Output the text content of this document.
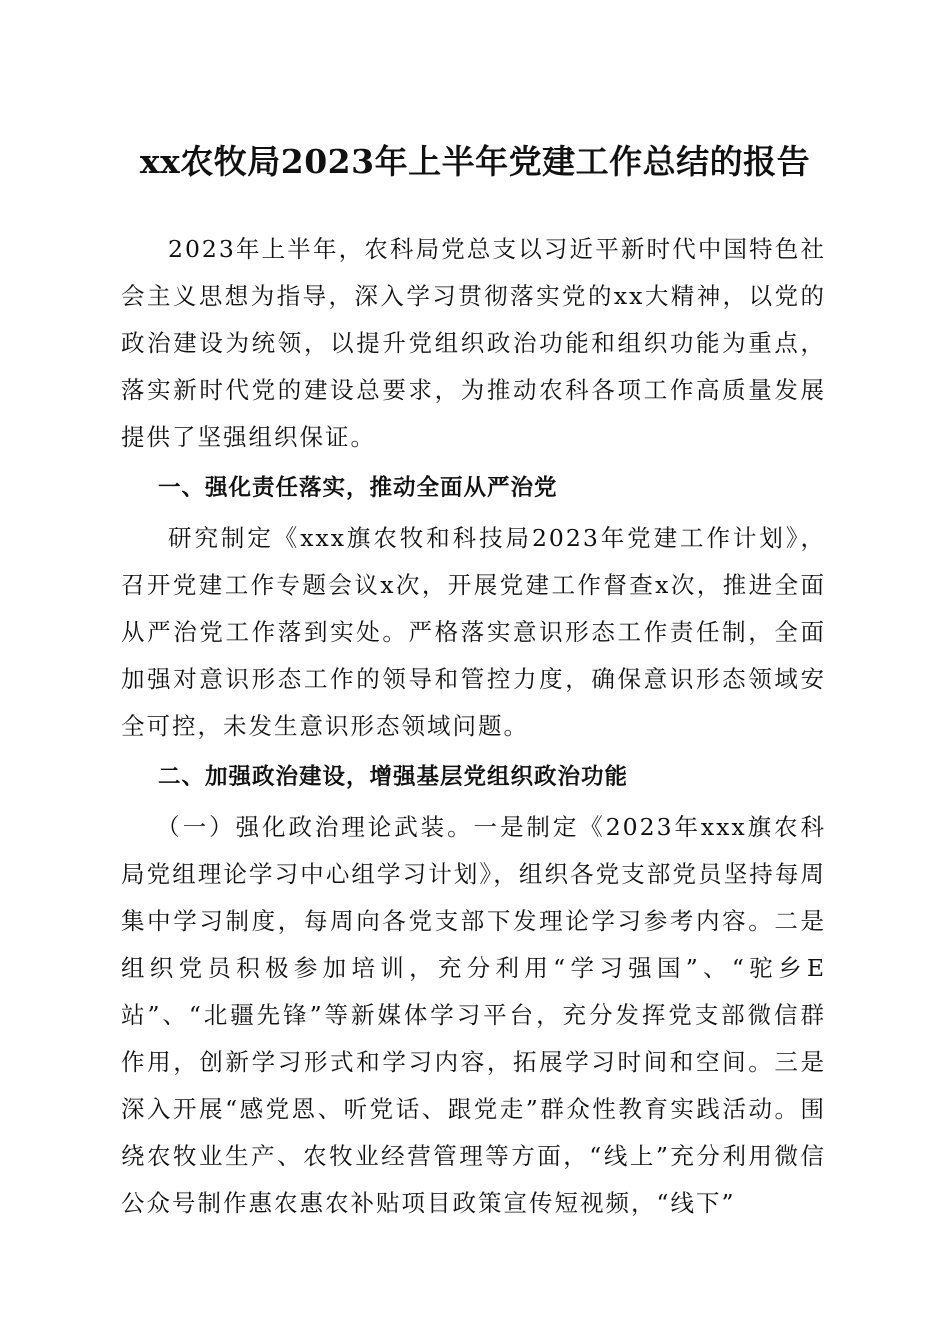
xx农牧局2023年上半年党建工作总结的报告

2023年上半年，农科局党总支以习近平新时代中国特色社会主义思想为指导，深入学习贯彻落实党的xx大精神，以党的政治建设为统领，以提升党组织政治功能和组织功能为重点，落实新时代党的建设总要求，为推动农科各项工作高质量发展提供了坚强组织保证。

一、强化责任落实，推动全面从严治党

研究制定《xxx旗农牧和科技局2023年党建工作计划》，召开党建工作专题会议x次，开展党建工作督查x次，推进全面从严治党工作落到实处。严格落实意识形态工作责任制，全面加强对意识形态工作的领导和管控力度，确保意识形态领域安全可控，未发生意识形态领域问题。

二、加强政治建设，增强基层党组织政治功能

（一）强化政治理论武装。一是制定《2023年xxx旗农科局党组理论学习中心组学习计划》，组织各党支部党员坚持每周集中学习制度，每周向各党支部下发理论学习参考内容。二是组织党员积极参加培训，充分利用“学习强国”、“驼乡E站”、“北疆先锋”等新媒体学习平台，充分发挥党支部微信群作用，创新学习形式和学习内容，拓展学习时间和空间。三是深入开展“感党恩、听党话、跟党走”群众性教育实践活动。围绕农牧业生产、农牧业经营管理等方面，“线上”充分利用微信公众号制作惠农惠农补贴项目政策宣传短视频，“线下”
